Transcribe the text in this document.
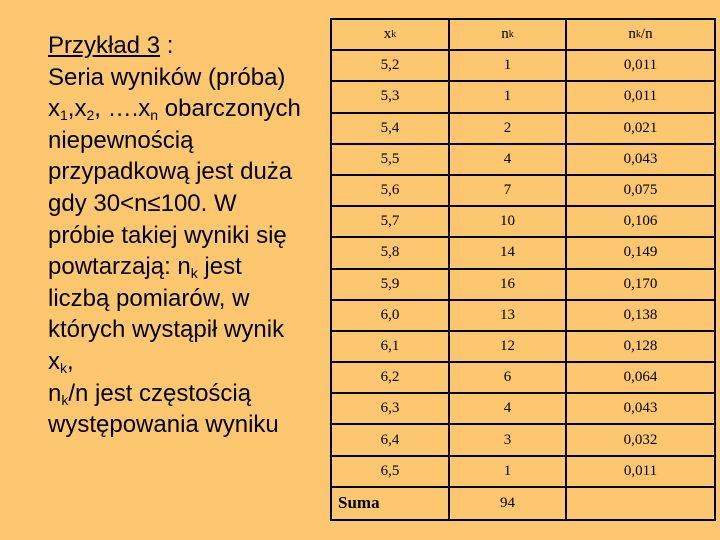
Przykład 3 :
Seria wyników (próba)
$x_1,x_2$, $\dots.x_n$ obarczonych
niepewnością
przypadkową jest duża
gdy 30<n≤100. W
próbie takiej wyniki się
powtarzają: $n_k$ jest
liczbą pomiarów, w
których wystąpił wynik
$x_k$,
$n_k/n$ jest częstością
występowania wyniku
x k	n k	n k /n
5,2	1	0,011
5,3	1	0,011
5,4	2	0,021
5,5	4	0,043
5,6	7	0,075
5,7	10	0,106
5,8	14	0,149
5,9	16	0,170
6,0	13	0,138
6,1	12	0,128
6,2	6	0,064
6,3	4	0,043
6,4	3	0,032
6,5	1	0,011
Suma	94
